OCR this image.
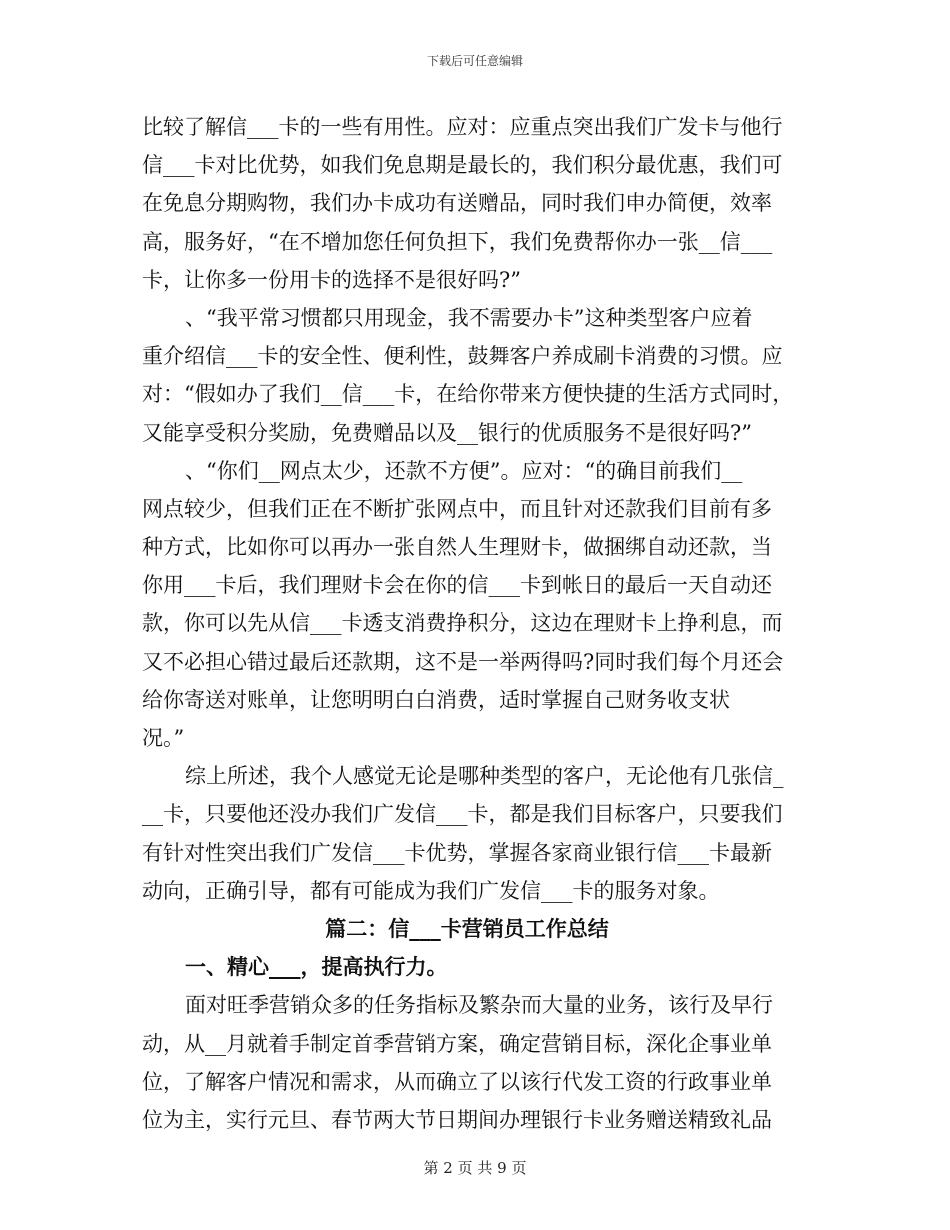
下载后可任意编辑
比较了解信___卡的一些有用性。应对：应重点突出我们广发卡与他行
信___卡对比优势，如我们免息期是最长的，我们积分最优惠，我们可
在免息分期购物，我们办卡成功有送赠品，同时我们申办简便，效率
高，服务好，“在不增加您任何负担下，我们免费帮你办一张__信___
卡，让你多一份用卡的选择不是很好吗?”
、“我平常习惯都只用现金，我不需要办卡”这种类型客户应着
重介绍信___卡的安全性、便利性，鼓舞客户养成刷卡消费的习惯。应
对：“假如办了我们__信___卡，在给你带来方便快捷的生活方式同时，
又能享受积分奖励，免费赠品以及__银行的优质服务不是很好吗?”
、“你们__网点太少，还款不方便”。应对：“的确目前我们__
网点较少，但我们正在不断扩张网点中，而且针对还款我们目前有多
种方式，比如你可以再办一张自然人生理财卡，做捆绑自动还款，当
你用___卡后，我们理财卡会在你的信___卡到帐日的最后一天自动还
款，你可以先从信___卡透支消费挣积分，这边在理财卡上挣利息，而
又不必担心错过最后还款期，这不是一举两得吗?同时我们每个月还会
给你寄送对账单，让您明明白白消费，适时掌握自己财务收支状
况。”
综上所述，我个人感觉无论是哪种类型的客户，无论他有几张信_
__卡，只要他还没办我们广发信___卡，都是我们目标客户，只要我们
有针对性突出我们广发信___卡优势，掌握各家商业银行信___卡最新
动向，正确引导，都有可能成为我们广发信___卡的服务对象。
篇二：信___卡营销员工作总结
一、精心___，提高执行力。
面对旺季营销众多的任务指标及繁杂而大量的业务，该行及早行
动，从__月就着手制定首季营销方案，确定营销目标，深化企事业单
位，了解客户情况和需求，从而确立了以该行代发工资的行政事业单
位为主，实行元旦、春节两大节日期间办理银行卡业务赠送精致礼品
第 2 页 共 9 页
